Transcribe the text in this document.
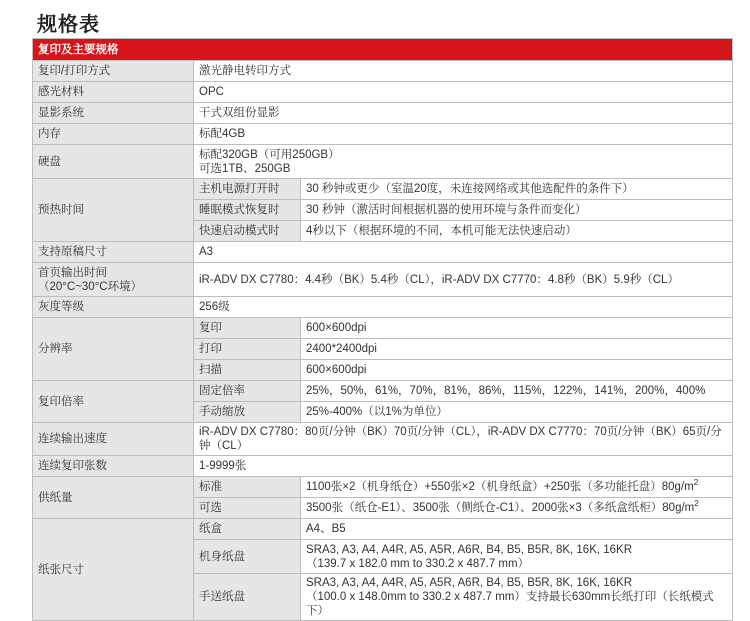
规格表
复印及主要规格		
复印/打印方式	激光静电转印方式	
感光材料	OPC	
显影系统	干式双组份显影	
内存	标配4GB	
硬盘	标配320GB（可用250GB）
可选1TB、250GB	

预热时间	主机电源打开时	30 秒钟或更少（室温20度，未连接网络或其他选配件的条件下）
	睡眠模式恢复时	30 秒钟（激活时间根据机器的使用环境与条件而变化）
	快速启动模式时	4秒以下（根据环境的不同，本机可能无法快速启动）
支持原稿尺寸	A3	

首页输出时间
（20°C~30°C环境）	iR-ADV DX C7780：4.4秒（BK）5.4秒（CL），iR-ADV DX C7770：4.8秒（BK）5.9秒（CL）	
灰度等级	256级	
分辨率	复印	600×600dpi
	打印	2400*2400dpi
	扫描	600×600dpi
复印倍率	固定倍率	25%，50%，61%，70%，81%，86%，115%，122%，141%，200%，400%
	手动缩放	25%-400%（以1%为单位）
连续输出速度	iR-ADV DX C7780：80页/分钟（BK）70页/分钟（CL），iR-ADV DX C7770：70页/分钟（BK）65页/分钟（CL）	
连续复印张数	1-9999张	
供纸量	标准	1100张×2（机身纸仓）+550张×2（机身纸盒）+250张（多功能托盘）$80g/m^2$
	可选	3500张（纸仓-E1）、3500张（侧纸仓-C1）、2000张×3（多纸盒纸柜）$80g/m^2$
纸张尺寸	纸盒	A4、B5
	机身纸盘	SRA3, A3, A4, A4R, A5, A5R, A6R, B4, B5, B5R, 8K, 16K, 16KR
（139.7 x 182.0 mm to 330.2 x 487.7 mm）

	手送纸盘	SRA3, A3, A4, A4R, A5, A5R, A6R, B4, B5, B5R, 8K, 16K, 16KR
（100.0 x 148.0mm to 330.2 x 487.7 mm）支持最长630mm长纸打印（长纸模式下）
